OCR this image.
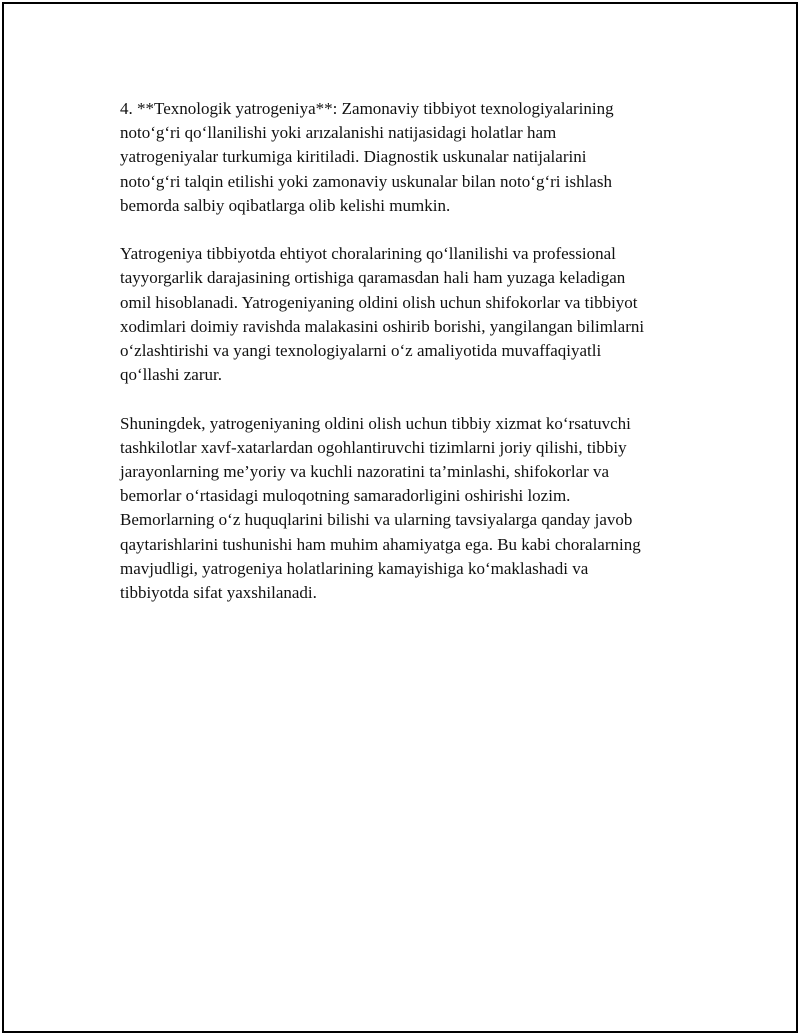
4. **Texnologik yatrogeniya**: Zamonaviy tibbiyot texnologiyalarining
noto‘g‘ri qo‘llanilishi yoki arızalanishi natijasidagi holatlar ham
yatrogeniyalar turkumiga kiritiladi. Diagnostik uskunalar natijalarini
noto‘g‘ri talqin etilishi yoki zamonaviy uskunalar bilan noto‘g‘ri ishlash
bemorda salbiy oqibatlarga olib kelishi mumkin.

Yatrogeniya tibbiyotda ehtiyot choralarining qo‘llanilishi va professional
tayyorgarlik darajasining ortishiga qaramasdan hali ham yuzaga keladigan
omil hisoblanadi. Yatrogeniyaning oldini olish uchun shifokorlar va tibbiyot
xodimlari doimiy ravishda malakasini oshirib borishi, yangilangan bilimlarni
o‘zlashtirishi va yangi texnologiyalarni o‘z amaliyotida muvaffaqiyatli
qo‘llashi zarur.

Shuningdek, yatrogeniyaning oldini olish uchun tibbiy xizmat ko‘rsatuvchi
tashkilotlar xavf-xatarlardan ogohlantiruvchi tizimlarni joriy qilishi, tibbiy
jarayonlarning me’yoriy va kuchli nazoratini ta’minlashi, shifokorlar va
bemorlar o‘rtasidagi muloqotning samaradorligini oshirishi lozim.
Bemorlarning o‘z huquqlarini bilishi va ularning tavsiyalarga qanday javob
qaytarishlarini tushunishi ham muhim ahamiyatga ega. Bu kabi choralarning
mavjudligi, yatrogeniya holatlarining kamayishiga ko‘maklashadi va
tibbiyotda sifat yaxshilanadi.
